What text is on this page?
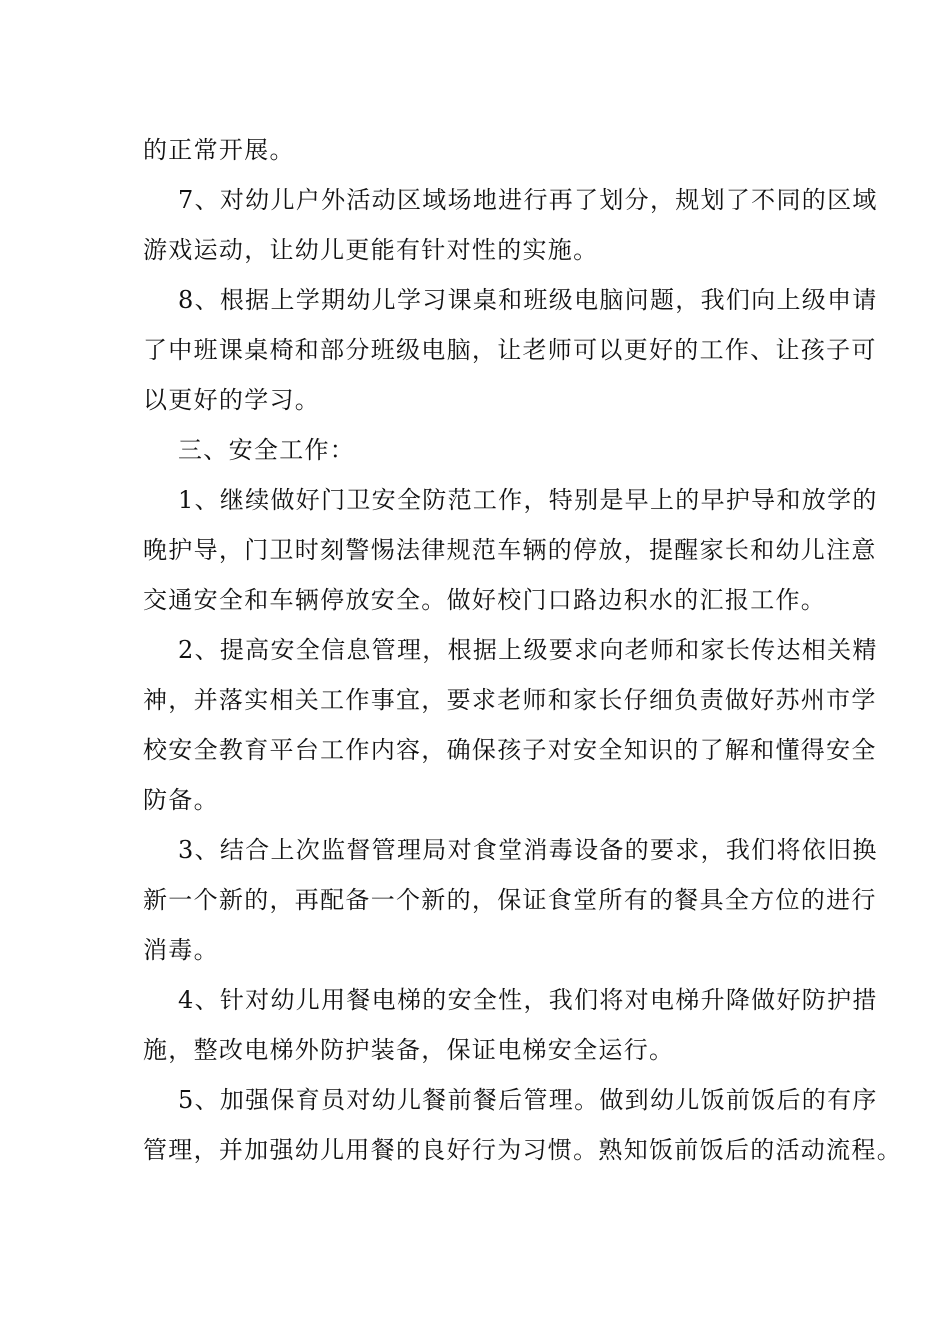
的正常开展。
7、对幼儿户外活动区域场地进行再了划分，规划了不同的区域
游戏运动，让幼儿更能有针对性的实施。
8、根据上学期幼儿学习课桌和班级电脑问题，我们向上级申请
了中班课桌椅和部分班级电脑，让老师可以更好的工作、让孩子可
以更好的学习。
三、安全工作：
1、继续做好门卫安全防范工作，特别是早上的早护导和放学的
晚护导，门卫时刻警惕法律规范车辆的停放，提醒家长和幼儿注意
交通安全和车辆停放安全。做好校门口路边积水的汇报工作。
2、提高安全信息管理，根据上级要求向老师和家长传达相关精
神，并落实相关工作事宜，要求老师和家长仔细负责做好苏州市学
校安全教育平台工作内容，确保孩子对安全知识的了解和懂得安全
防备。
3、结合上次监督管理局对食堂消毒设备的要求，我们将依旧换
新一个新的，再配备一个新的，保证食堂所有的餐具全方位的进行
消毒。
4、针对幼儿用餐电梯的安全性，我们将对电梯升降做好防护措
施，整改电梯外防护装备，保证电梯安全运行。
5、加强保育员对幼儿餐前餐后管理。做到幼儿饭前饭后的有序
管理，并加强幼儿用餐的良好行为习惯。熟知饭前饭后的活动流程。
